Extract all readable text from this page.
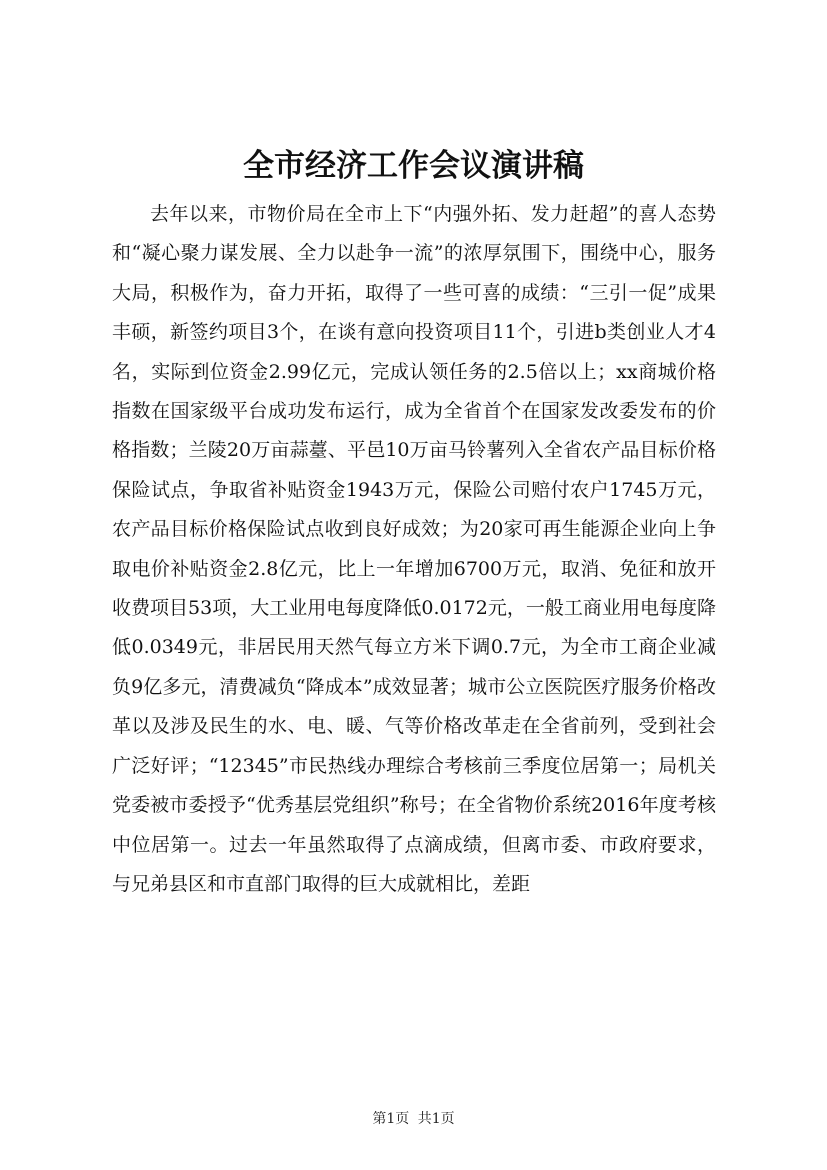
全市经济工作会议演讲稿

去年以来，市物价局在全市上下“内强外拓、发力赶超”的喜人态势和“凝心聚力谋发展、全力以赴争一流”的浓厚氛围下，围绕中心，服务大局，积极作为，奋力开拓，取得了一些可喜的成绩：“三引一促”成果丰硕，新签约项目3个，在谈有意向投资项目11个，引进b类创业人才4名，实际到位资金2.99亿元，完成认领任务的2.5倍以上；xx商城价格指数在国家级平台成功发布运行，成为全省首个在国家发改委发布的价格指数；兰陵20万亩蒜薹、平邑10万亩马铃薯列入全省农产品目标价格保险试点，争取省补贴资金1943万元，保险公司赔付农户1745万元，农产品目标价格保险试点收到良好成效；为20家可再生能源企业向上争取电价补贴资金2.8亿元，比上一年增加6700万元，取消、免征和放开收费项目53项，大工业用电每度降低0.0172元，一般工商业用电每度降低0.0349元，非居民用天然气每立方米下调0.7元，为全市工商企业减负9亿多元，清费减负“降成本”成效显著；城市公立医院医疗服务价格改革以及涉及民生的水、电、暖、气等价格改革走在全省前列，受到社会广泛好评；“12345”市民热线办理综合考核前三季度位居第一；局机关党委被市委授予“优秀基层党组织”称号；在全省物价系统2016年度考核中位居第一。过去一年虽然取得了点滴成绩，但离市委、市政府要求，与兄弟县区和市直部门取得的巨大成就相比，差距

第1页 共1页
